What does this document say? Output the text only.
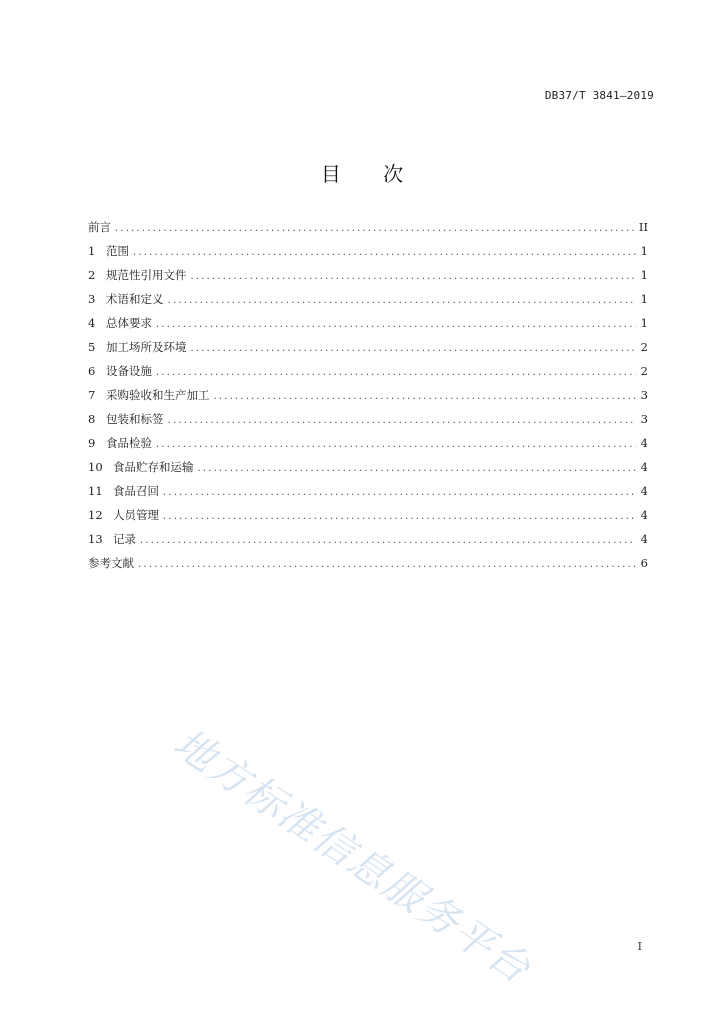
DB37/T 3841—2019
目 次
前言 .....	II
1 范围 .....	1
2 规范性引用文件 .....	1
3 术语和定义 .....	1
4 总体要求 .....	1
5 加工场所及环境 .....	2
6 设备设施 .....	2
7 采购验收和生产加工 .....	3
8 包装和标签 .....	3
9 食品检验 .....	4
10 食品贮存和运输 .....	4
11 食品召回 .....	4
12 人员管理 .....	4
13 记录 .....	4
参考文献 .....	6
地方标准信息服务平台	I
